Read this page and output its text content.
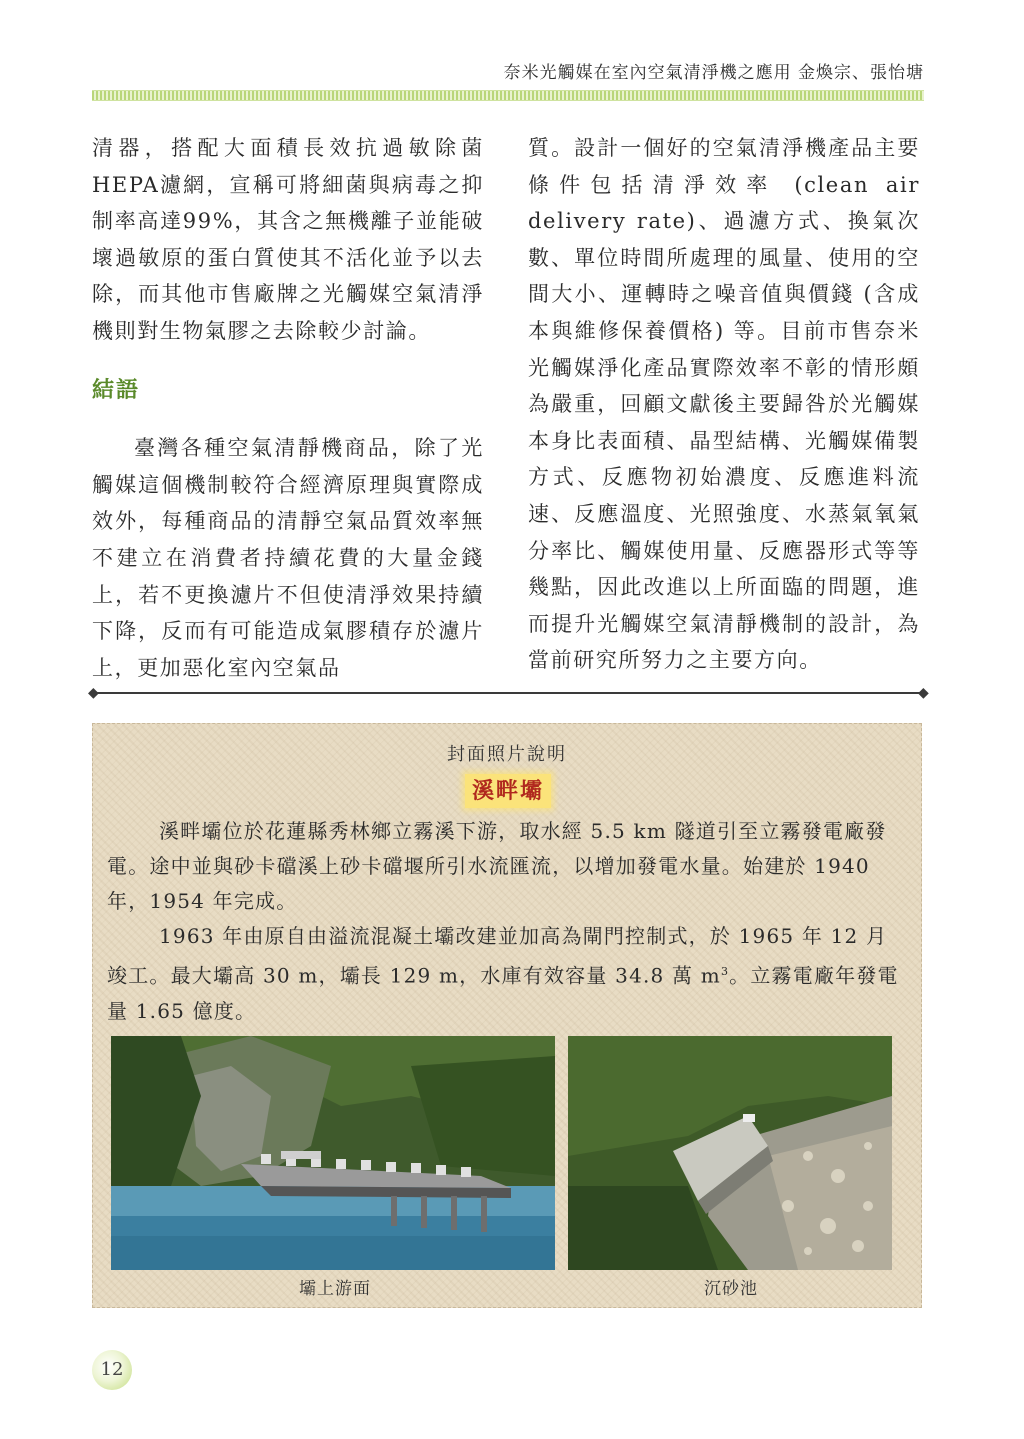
奈米光觸媒在室內空氣清淨機之應用 金煥宗、張怡塘

清器，搭配大面積長效抗過敏除菌HEPA濾網，宣稱可將細菌與病毒之抑制率高達99%，其含之無機離子並能破壞過敏原的蛋白質使其不活化並予以去除，而其他市售廠牌之光觸媒空氣清淨機則對生物氣膠之去除較少討論。

結語

臺灣各種空氣清靜機商品，除了光觸媒這個機制較符合經濟原理與實際成效外，每種商品的清靜空氣品質效率無不建立在消費者持續花費的大量金錢上，若不更換濾片不但使清淨效果持續下降，反而有可能造成氣膠積存於濾片上，更加惡化室內空氣品

質。設計一個好的空氣清淨機產品主要條件包括清淨效率 (clean air delivery rate)、過濾方式、換氣次數、單位時間所處理的風量、使用的空間大小、運轉時之噪音值與價錢 (含成本與維修保養價格) 等。目前市售奈米光觸媒淨化產品實際效率不彰的情形頗為嚴重，回顧文獻後主要歸咎於光觸媒本身比表面積、晶型結構、光觸媒備製方式、反應物初始濃度、反應進料流速、反應溫度、光照強度、水蒸氣氧氣分率比、觸媒使用量、反應器形式等等幾點，因此改進以上所面臨的問題，進而提升光觸媒空氣清靜機制的設計，為當前研究所努力之主要方向。

◆	◆
封面照片說明
溪畔壩

溪畔壩位於花蓮縣秀林鄉立霧溪下游，取水經 5.5 km 隧道引至立霧發電廠發電。途中並與砂卡礑溪上砂卡礑堰所引水流匯流，以增加發電水量。始建於 1940 年，1954 年完成。

1963 年由原自由溢流混凝土壩改建並加高為閘門控制式，於 1965 年 12 月竣工。最大壩高 30 m，壩長 129 m，水庫有效容量 34.8 萬 $m^3$。立霧電廠年發電量 1.65 億度。

壩上游面	沉砂池
12
